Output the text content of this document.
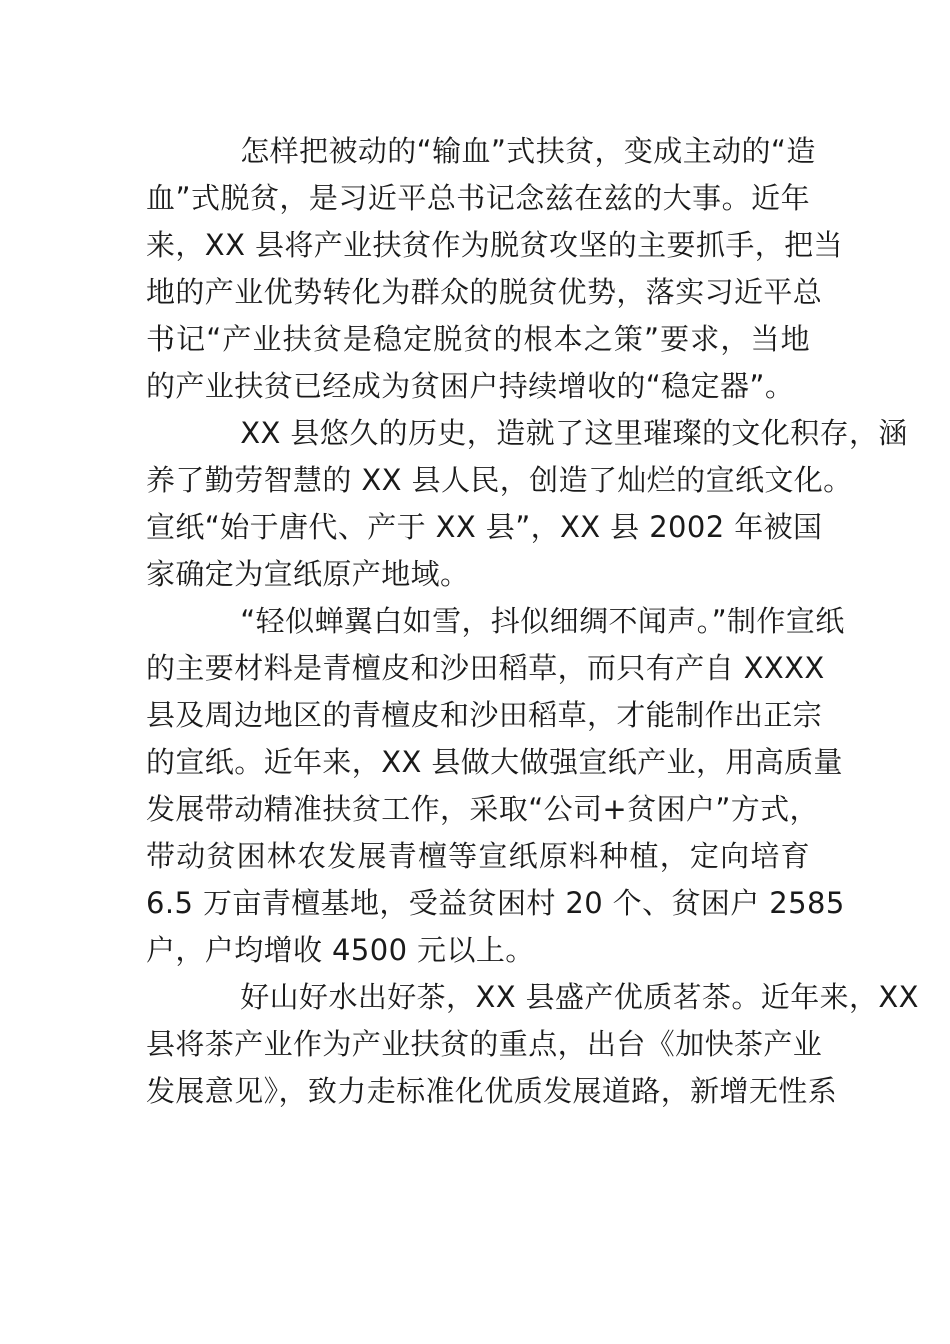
怎样把被动的“输血”式扶贫，变成主动的“造
血”式脱贫，是习近平总书记念兹在兹的大事。近年
来，XX 县将产业扶贫作为脱贫攻坚的主要抓手，把当
地的产业优势转化为群众的脱贫优势，落实习近平总
书记“产业扶贫是稳定脱贫的根本之策”要求，当地
的产业扶贫已经成为贫困户持续增收的“稳定器”。

XX 县悠久的历史，造就了这里璀璨的文化积存，涵
养了勤劳智慧的 XX 县人民，创造了灿烂的宣纸文化。
宣纸“始于唐代、产于 XX 县”，XX 县 2002 年被国
家确定为宣纸原产地域。

“轻似蝉翼白如雪，抖似细绸不闻声。”制作宣纸
的主要材料是青檀皮和沙田稻草，而只有产自 XXXX
县及周边地区的青檀皮和沙田稻草，才能制作出正宗
的宣纸。近年来，XX 县做大做强宣纸产业，用高质量
发展带动精准扶贫工作，采取“公司+贫困户”方式，
带动贫困林农发展青檀等宣纸原料种植，定向培育
6.5 万亩青檀基地，受益贫困村 20 个、贫困户 2585
户，户均增收 4500 元以上。

好山好水出好茶，XX 县盛产优质茗茶。近年来，XX
县将茶产业作为产业扶贫的重点，出台《加快茶产业
发展意见》，致力走标准化优质发展道路，新增无性系
